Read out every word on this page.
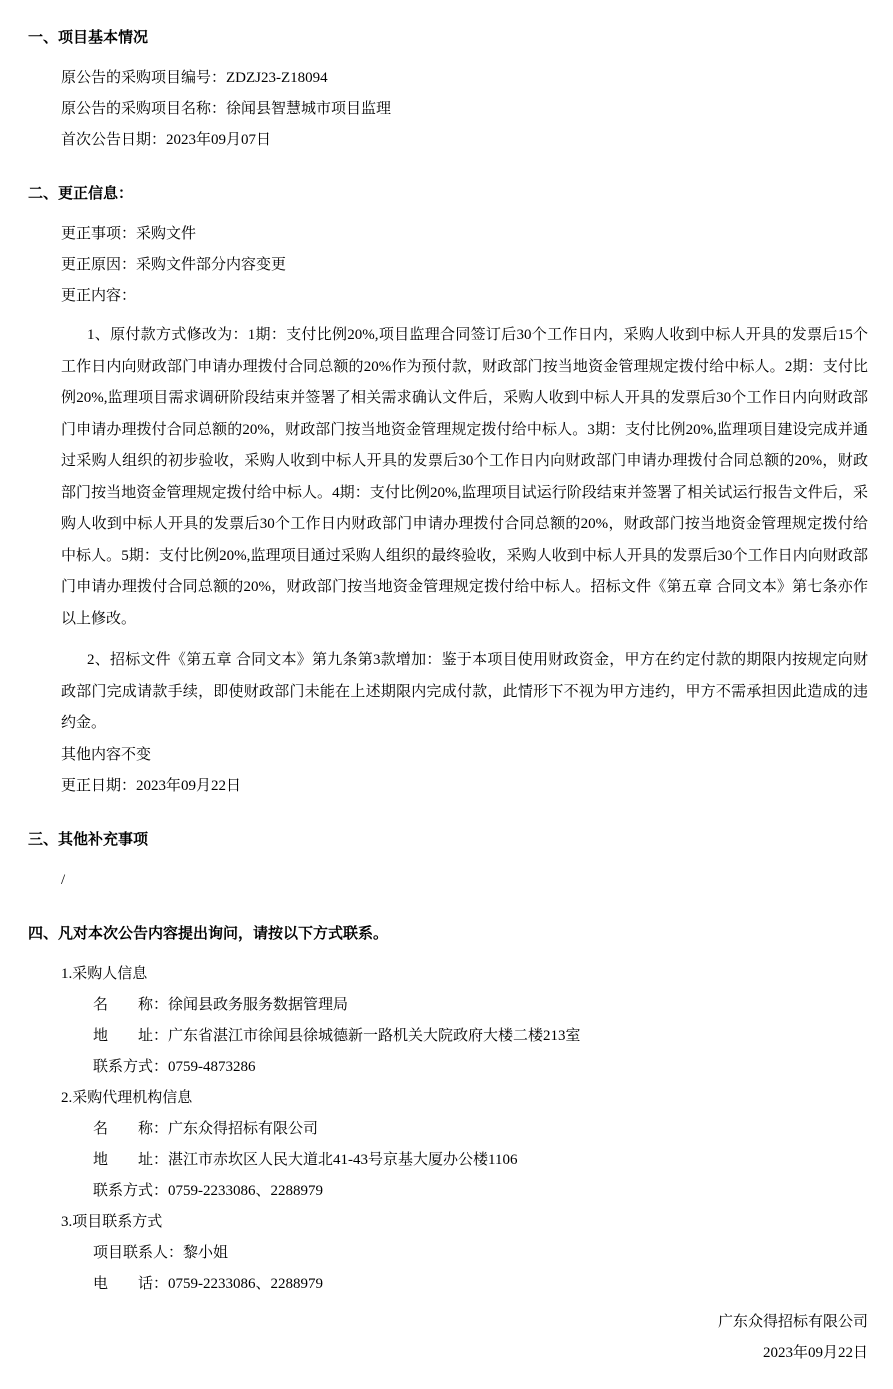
一、项目基本情况

原公告的采购项目编号：ZDZJ23-Z18094

原公告的采购项目名称：徐闻县智慧城市项目监理

首次公告日期：2023年09月07日

二、更正信息：

更正事项：采购文件

更正原因：采购文件部分内容变更

更正内容：

1、原付款方式修改为：1期：支付比例20%,项目监理合同签订后30个工作日内，采购人收到中标人开具的发票后15个工作日内向财政部门申请办理拨付合同总额的20%作为预付款，财政部门按当地资金管理规定拨付给中标人。2期：支付比例20%,监理项目需求调研阶段结束并签署了相关需求确认文件后，采购人收到中标人开具的发票后30个工作日内向财政部门申请办理拨付合同总额的20%，财政部门按当地资金管理规定拨付给中标人。3期：支付比例20%,监理项目建设完成并通过采购人组织的初步验收，采购人收到中标人开具的发票后30个工作日内向财政部门申请办理拨付合同总额的20%，财政部门按当地资金管理规定拨付给中标人。4期：支付比例20%,监理项目试运行阶段结束并签署了相关试运行报告文件后，采购人收到中标人开具的发票后30个工作日内财政部门申请办理拨付合同总额的20%，财政部门按当地资金管理规定拨付给中标人。5期：支付比例20%,监理项目通过采购人组织的最终验收，采购人收到中标人开具的发票后30个工作日内向财政部门申请办理拨付合同总额的20%，财政部门按当地资金管理规定拨付给中标人。招标文件《第五章 合同文本》第七条亦作以上修改。

2、招标文件《第五章 合同文本》第九条第3款增加：鉴于本项目使用财政资金，甲方在约定付款的期限内按规定向财政部门完成请款手续，即使财政部门未能在上述期限内完成付款，此情形下不视为甲方违约，甲方不需承担因此造成的违约金。

其他内容不变

更正日期：2023年09月22日

三、其他补充事项

/

四、凡对本次公告内容提出询问，请按以下方式联系。

1.采购人信息

名　　称：徐闻县政务服务数据管理局

地　　址：广东省湛江市徐闻县徐城德新一路机关大院政府大楼二楼213室

联系方式：0759-4873286

2.采购代理机构信息

名　　称：广东众得招标有限公司

地　　址：湛江市赤坎区人民大道北41-43号京基大厦办公楼1106

联系方式：0759-2233086、2288979

3.项目联系方式

项目联系人：黎小姐

电　　话：0759-2233086、2288979

广东众得招标有限公司

2023年09月22日
